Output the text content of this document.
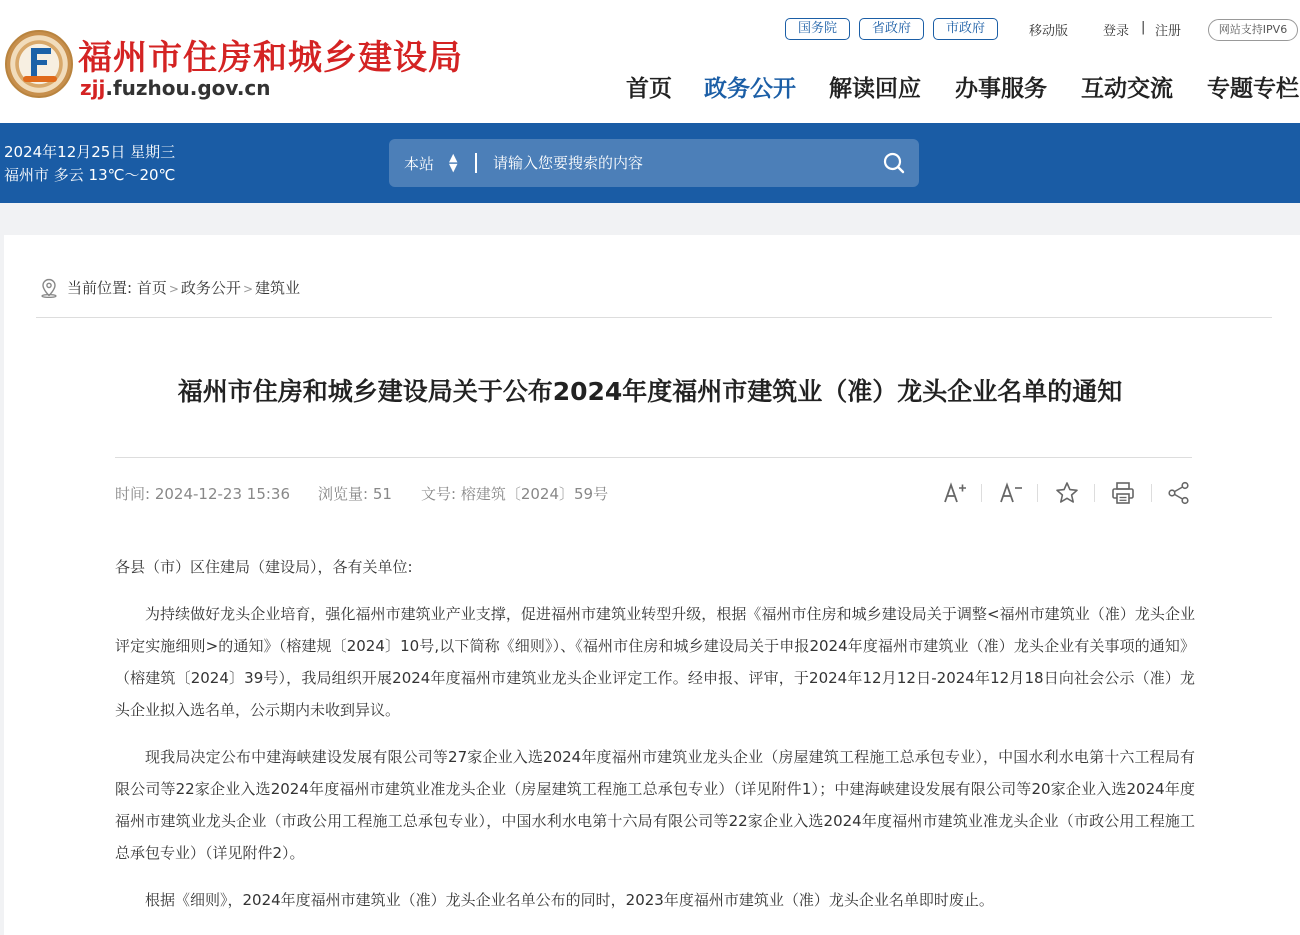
福州市住房和城乡建设局
zjj.fuzhou.gov.cn
国务院	省政府	市政府	移动版	登录 | 注册	网站支持IPV6
首页 政务公开 解读回应 办事服务 互动交流 专题专栏
2024年12月25日 星期三
福州市 多云 13℃～20℃
本站 ▲
▼
请输入您要搜索的内容
当前位置: 首页 > 政务公开 > 建筑业
福州市住房和城乡建设局关于公布2024年度福州市建筑业（准）龙头企业名单的通知
时间: 2024-12-23 15:36 浏览量: 51 文号: 榕建筑〔2024〕59号
各县（市）区住建局（建设局），各有关单位:
为持续做好龙头企业培育，强化福州市建筑业产业支撑，促进福州市建筑业转型升级，根据《福州市住房和城乡建设局关于调整<福州市建筑业（准）龙头企业评定实施细则>的通知》（榕建规〔2024〕10号,以下简称《细则》）、《福州市住房和城乡建设局关于申报2024年度福州市建筑业（准）龙头企业有关事项的通知》（榕建筑〔2024〕39号），我局组织开展2024年度福州市建筑业龙头企业评定工作。经申报、评审，于2024年12月12日-2024年12月18日向社会公示（准）龙头企业拟入选名单，公示期内未收到异议。
现我局决定公布中建海峡建设发展有限公司等27家企业入选2024年度福州市建筑业龙头企业（房屋建筑工程施工总承包专业），中国水利水电第十六工程局有限公司等22家企业入选2024年度福州市建筑业准龙头企业（房屋建筑工程施工总承包专业）（详见附件1）；中建海峡建设发展有限公司等20家企业入选2024年度福州市建筑业龙头企业（市政公用工程施工总承包专业），中国水利水电第十六局有限公司等22家企业入选2024年度福州市建筑业准龙头企业（市政公用工程施工总承包专业）（详见附件2）。
根据《细则》，2024年度福州市建筑业（准）龙头企业名单公布的同时，2023年度福州市建筑业（准）龙头企业名单即时废止。
